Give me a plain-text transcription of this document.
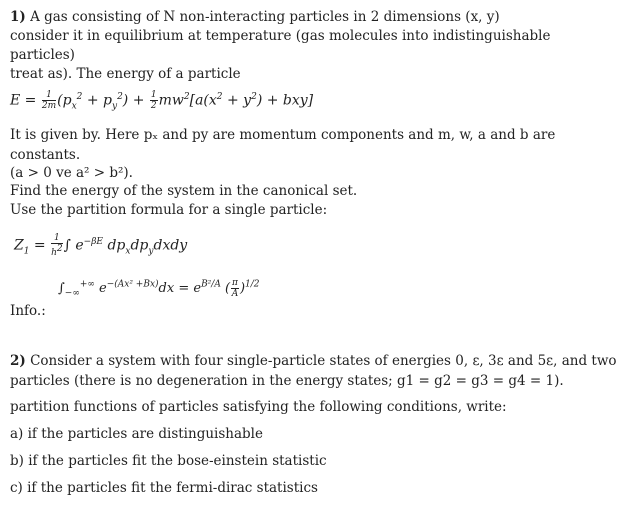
1) A gas consisting of N non-interacting particles in 2 dimensions (x, y)
consider it in equilibrium at temperature (gas molecules into indistinguishable
particles)
treat as). The energy of a particle
$E = \frac{1}{2m} (p_x^2 + p_y^2) + \frac{1}{2} mw^2[a(x^2 + y^2) + bxy]$
It is given by. Here pₓ and py are momentum components and m, w, a and b are
constants.
(a > 0 ve a² > b²).
Find the energy of the system in the canonical set.
Use the partition formula for a single particle:
$Z_1 = \frac{1}{h^2}$ ∫ $e^{-\beta E}$ $dp_xdp_ydxdy$
$\int_{-\infty}^{+\infty}$ $e^{-(Ax^2 +Bx)}dx = e^{B^2/A}$ ( $\frac{\pi}{A} )^{1/2}$
Info.:
2) Consider a system with four single-particle states of energies 0, ε, 3ε and 5ε, and two
particles (there is no degeneration in the energy states; g1 = g2 = g3 = g4 = 1).
partition functions of particles satisfying the following conditions, write:
a) if the particles are distinguishable
b) if the particles fit the bose-einstein statistic
c) if the particles fit the fermi-dirac statistics
